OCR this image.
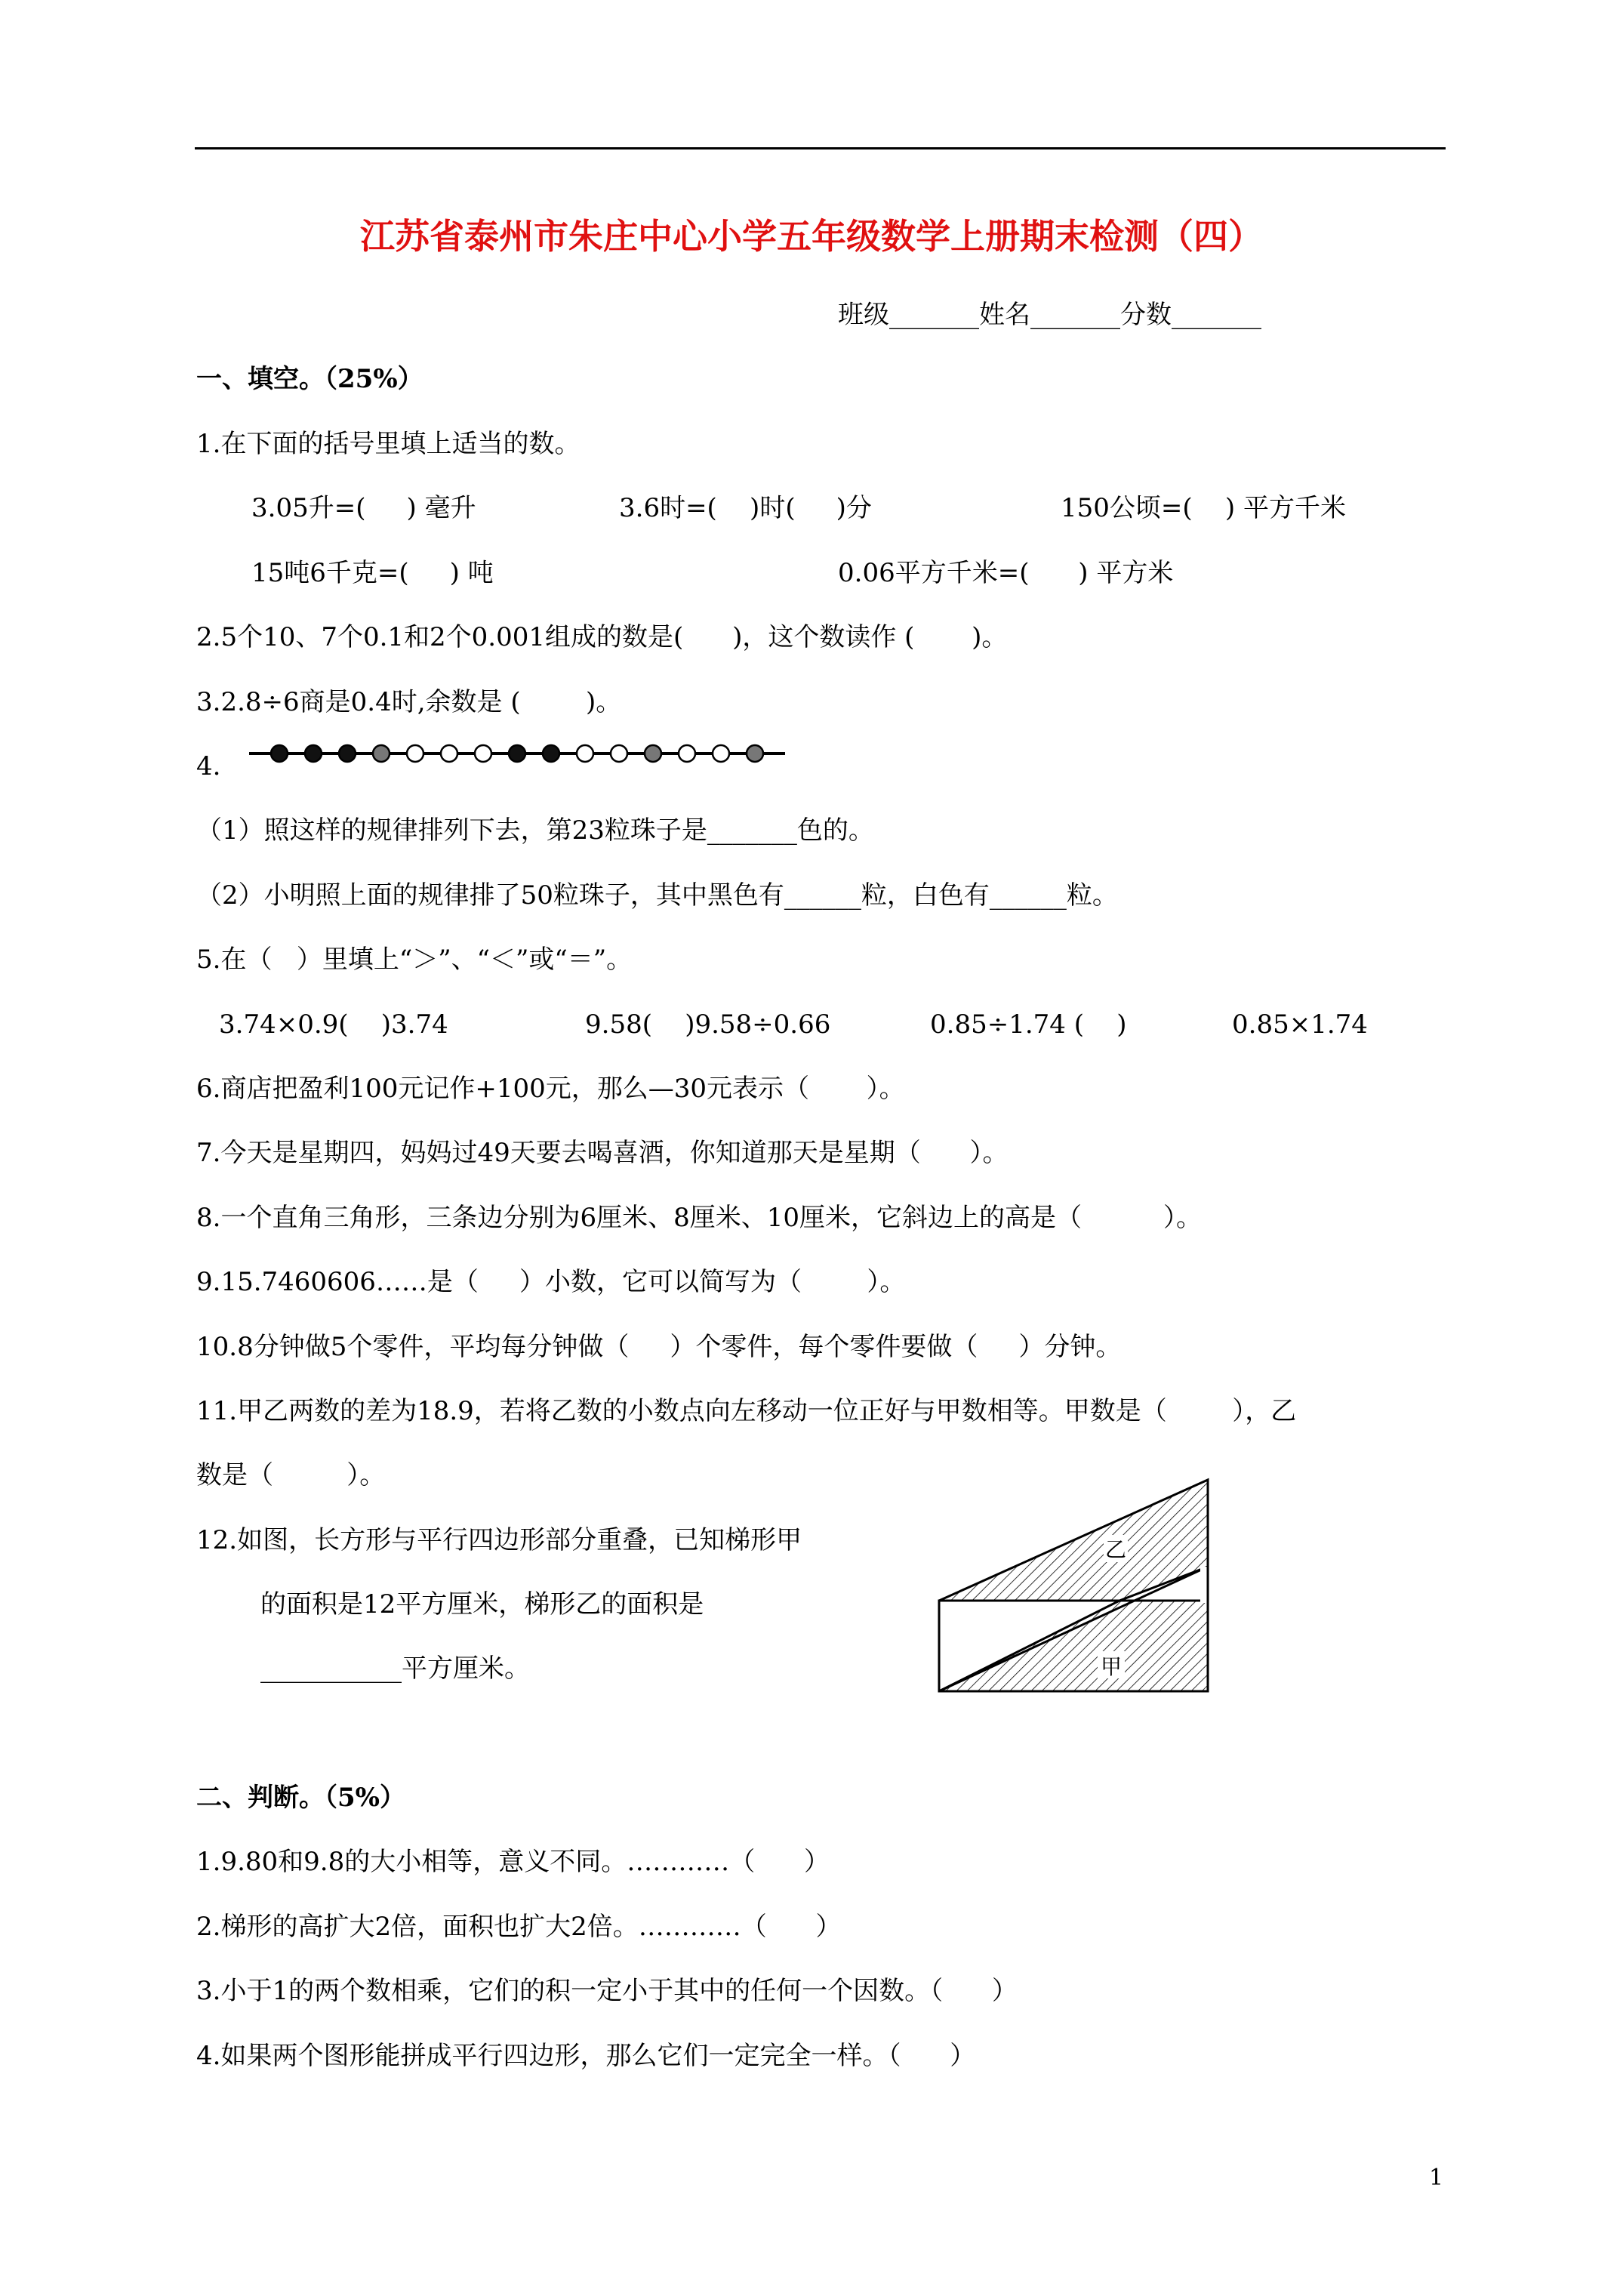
江苏省泰州市朱庄中心小学五年级数学上册期末检测（四）
班级_______姓名_______分数_______
一、填空。（25%）
1.在下面的括号里填上适当的数。
3.05升=(     ) 毫升	3.6时=(    )时(     )分	150公顷=(    ) 平方千米
15吨6千克=(     ) 吨	0.06平方千米=(      ) 平方米
2.5个10、7个0.1和2个0.001组成的数是(      )，这个数读作 (       )。
3.2.8÷6商是0.4时,余数是 (        )。
4.
（1）照这样的规律排列下去，第23粒珠子是_______色的。
（2）小明照上面的规律排了50粒珠子，其中黑色有______粒，白色有______粒。
5.在（   ）里填上“＞”、“＜”或“＝”。
3.74×0.9(    )3.74	9.58(    )9.58÷0.66	0.85÷1.74 (    )	0.85×1.74
6.商店把盈利100元记作+100元，那么—30元表示（       ）。
7.今天是星期四，妈妈过49天要去喝喜酒，你知道那天是星期（      ）。
8.一个直角三角形，三条边分别为6厘米、8厘米、10厘米，它斜边上的高是（          ）。
9.15.7460606……是（     ）小数，它可以简写为（        ）。
10.8分钟做5个零件，平均每分钟做（     ）个零件，每个零件要做（     ）分钟。
11.甲乙两数的差为18.9，若将乙数的小数点向左移动一位正好与甲数相等。甲数是（        ），乙
数是（         ）。
12.如图，长方形与平行四边形部分重叠，已知梯形甲
的面积是12平方厘米，梯形乙的面积是
___________平方厘米。
乙
甲
二、判断。（5%）
1.9.80和9.8的大小相等，意义不同。…………（      ）
2.梯形的高扩大2倍，面积也扩大2倍。…………（      ）
3.小于1的两个数相乘，它们的积一定小于其中的任何一个因数。（      ）
4.如果两个图形能拼成平行四边形，那么它们一定完全一样。（      ）
1
